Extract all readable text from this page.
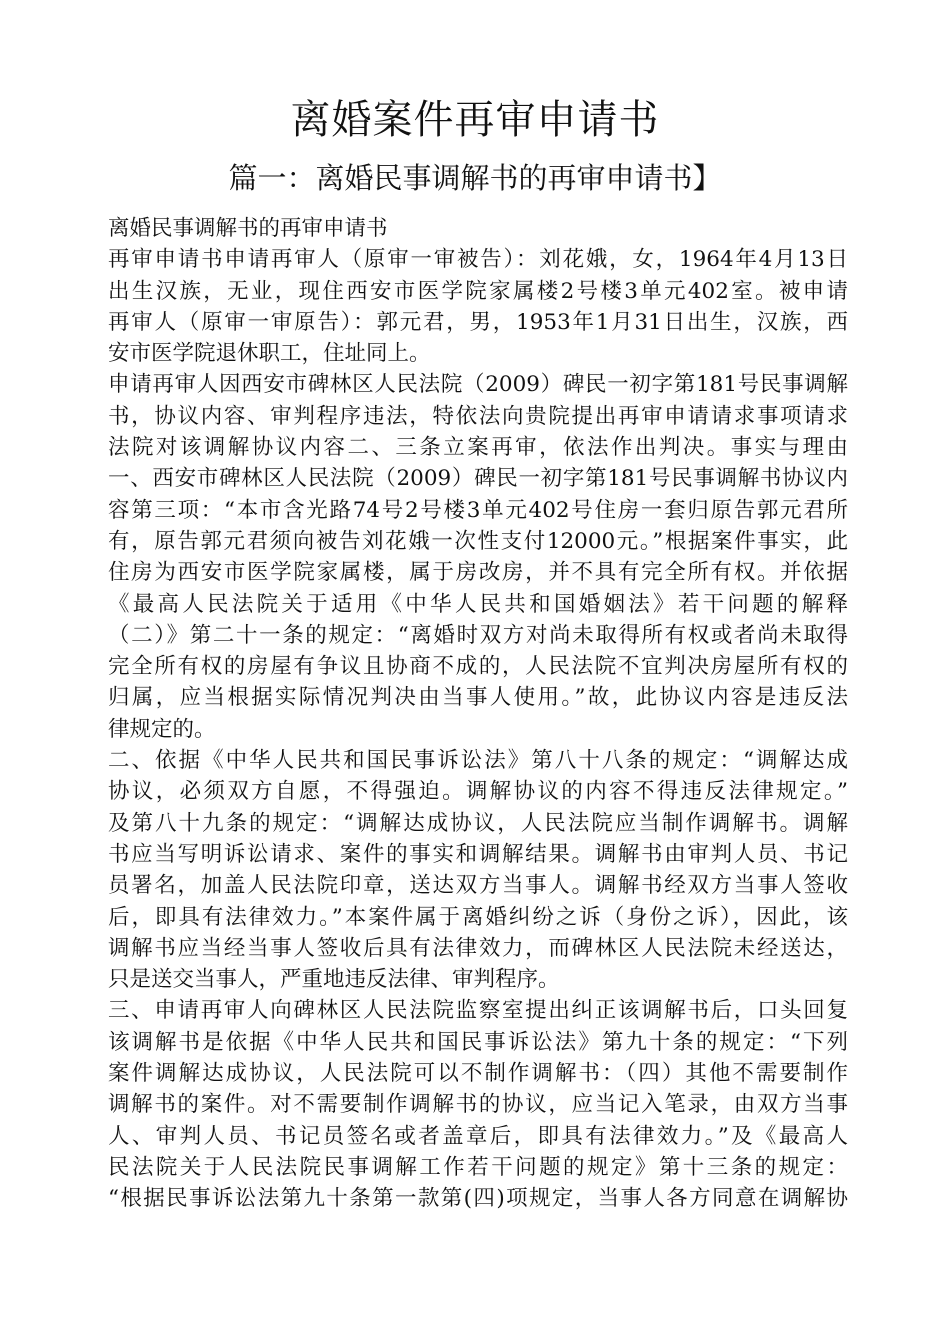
离婚案件再审申请书
篇一：离婚民事调解书的再审申请书】
离婚民事调解书的再审申请书
再审申请书申请再审人（原审一审被告）：刘花娥，女，1964年4月13日
出生汉族，无业，现住西安市医学院家属楼2号楼3单元402室。被申请
再审人（原审一审原告）：郭元君，男，1953年1月31日出生，汉族，西
安市医学院退休职工，住址同上。
申请再审人因西安市碑林区人民法院（2009）碑民一初字第181号民事调解
书，协议内容、审判程序违法，特依法向贵院提出再审申请请求事项请求
法院对该调解协议内容二、三条立案再审，依法作出判决。事实与理由
一、西安市碑林区人民法院（2009）碑民一初字第181号民事调解书协议内
容第三项：“本市含光路74号2号楼3单元402号住房一套归原告郭元君所
有，原告郭元君须向被告刘花娥一次性支付12000元。”根据案件事实，此
住房为西安市医学院家属楼，属于房改房，并不具有完全所有权。并依据
《最高人民法院关于适用《中华人民共和国婚姻法》若干问题的解释
（二）》第二十一条的规定：“离婚时双方对尚未取得所有权或者尚未取得
完全所有权的房屋有争议且协商不成的，人民法院不宜判决房屋所有权的
归属，应当根据实际情况判决由当事人使用。”故，此协议内容是违反法
律规定的。
二、依据《中华人民共和国民事诉讼法》第八十八条的规定：“调解达成
协议，必须双方自愿，不得强迫。调解协议的内容不得违反法律规定。”
及第八十九条的规定：“调解达成协议，人民法院应当制作调解书。调解
书应当写明诉讼请求、案件的事实和调解结果。调解书由审判人员、书记
员署名，加盖人民法院印章，送达双方当事人。调解书经双方当事人签收
后，即具有法律效力。”本案件属于离婚纠纷之诉（身份之诉），因此，该
调解书应当经当事人签收后具有法律效力，而碑林区人民法院未经送达，
只是送交当事人，严重地违反法律、审判程序。
三、申请再审人向碑林区人民法院监察室提出纠正该调解书后，口头回复
该调解书是依据《中华人民共和国民事诉讼法》第九十条的规定：“下列
案件调解达成协议，人民法院可以不制作调解书：（四）其他不需要制作
调解书的案件。对不需要制作调解书的协议，应当记入笔录，由双方当事
人、审判人员、书记员签名或者盖章后，即具有法律效力。”及《最高人
民法院关于人民法院民事调解工作若干问题的规定》第十三条的规定：
“根据民事诉讼法第九十条第一款第(四)项规定，当事人各方同意在调解协
